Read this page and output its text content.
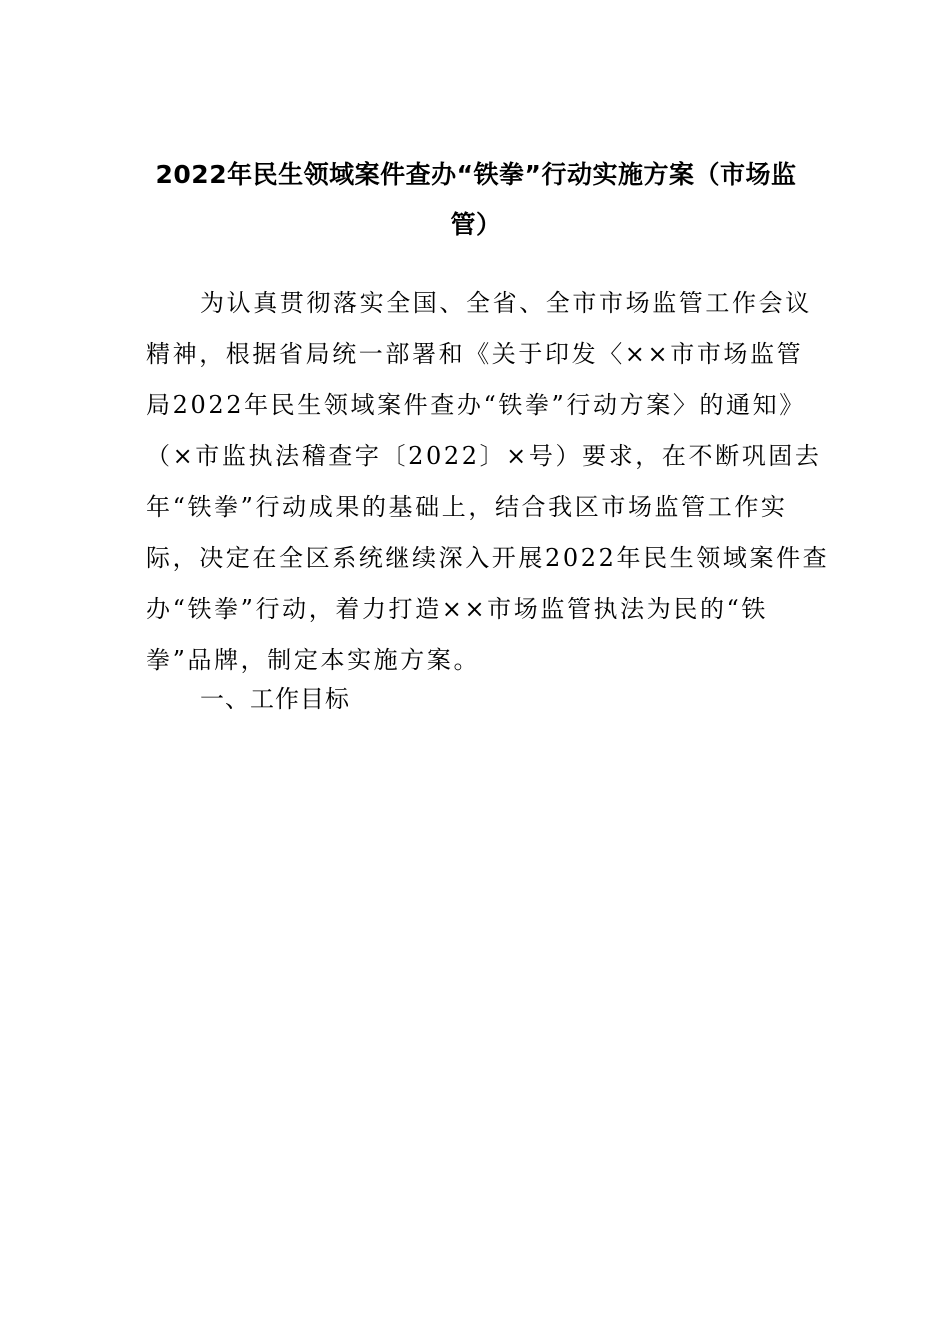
2022年民生领域案件查办“铁拳”行动实施方案（市场监
管）
为认真贯彻落实全国、全省、全市市场监管工作会议
精神，根据省局统一部署和《关于印发〈××市市场监管
局2022年民生领域案件查办“铁拳”行动方案〉的通知》
（×市监执法稽查字〔2022〕×号）要求，在不断巩固去
年“铁拳”行动成果的基础上，结合我区市场监管工作实
际，决定在全区系统继续深入开展2022年民生领域案件查
办“铁拳”行动，着力打造××市场监管执法为民的“铁
拳”品牌，制定本实施方案。
一、工作目标
